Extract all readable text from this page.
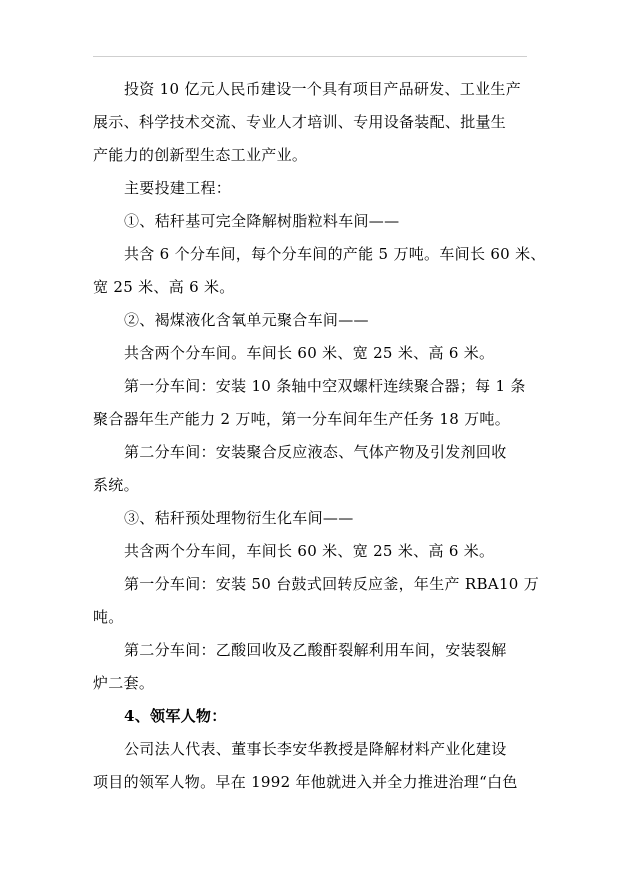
投资 10 亿元人民币建设一个具有项目产品研发、工业生产
展示、科学技术交流、专业人才培训、专用设备装配、批量生
产能力的创新型生态工业产业。
主要投建工程：
①、秸秆基可完全降解树脂粒料车间——
共含 6 个分车间，每个分车间的产能 5 万吨。车间长 60 米、
宽 25 米、高 6 米。
②、褐煤液化含氧单元聚合车间——
共含两个分车间。车间长 60 米、宽 25 米、高 6 米。
第一分车间：安装 10 条轴中空双螺杆连续聚合器；每 1 条
聚合器年生产能力 2 万吨，第一分车间年生产任务 18 万吨。
第二分车间：安装聚合反应液态、气体产物及引发剂回收
系统。
③、秸秆预处理物衍生化车间——
共含两个分车间，车间长 60 米、宽 25 米、高 6 米。
第一分车间：安装 50 台鼓式回转反应釜，年生产 RBA10 万
吨。
第二分车间：乙酸回收及乙酸酐裂解利用车间，安装裂解
炉二套。
4、领军人物：
公司法人代表、董事长李安华教授是降解材料产业化建设
项目的领军人物。早在 1992 年他就进入并全力推进治理“白色
